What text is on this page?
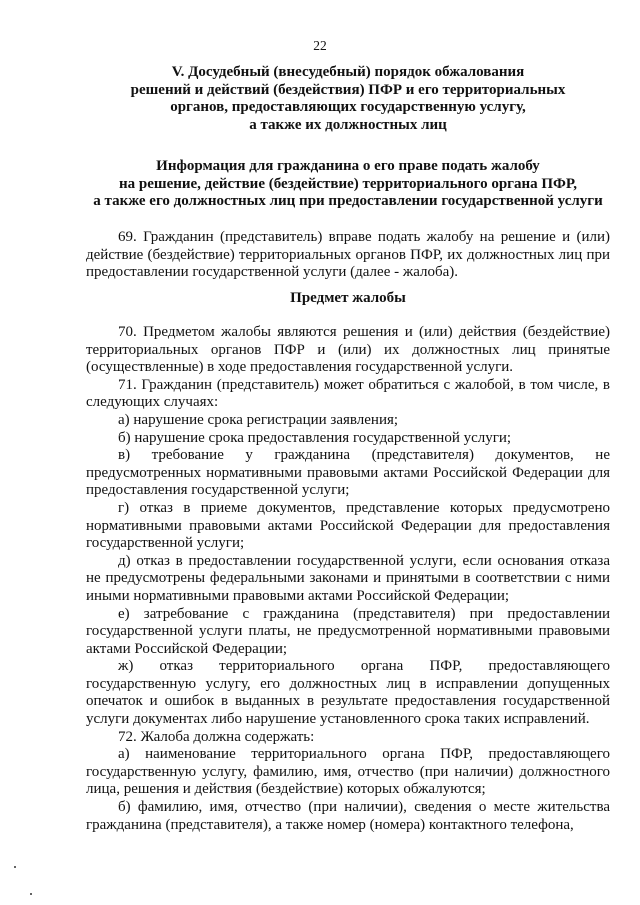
22
V. Досудебный (внесудебный) порядок обжалования
решений и действий (бездействия) ПФР и его территориальных
органов, предоставляющих государственную услугу,
а также их должностных лиц
Информация для гражданина о его праве подать жалобу
на решение, действие (бездействие) территориального органа ПФР,
а также его должностных лиц при предоставлении государственной услуги

69. Гражданин (представитель) вправе подать жалобу на решение и (или) действие (бездействие) территориальных органов ПФР, их должностных лиц при предоставлении государственной услуги (далее - жалоба).

Предмет жалобы

70. Предметом жалобы являются решения и (или) действия (бездействие) территориальных органов ПФР и (или) их должностных лиц принятые (осуществленные) в ходе предоставления государственной услуги.

71. Гражданин (представитель) может обратиться с жалобой, в том числе, в следующих случаях:

а) нарушение срока регистрации заявления;

б) нарушение срока предоставления государственной услуги;

в) требование у гражданина (представителя) документов, не предусмотренных нормативными правовыми актами Российской Федерации для предоставления государственной услуги;

г) отказ в приеме документов, представление которых предусмотрено нормативными правовыми актами Российской Федерации для предоставления государственной услуги;

д) отказ в предоставлении государственной услуги, если основания отказа не предусмотрены федеральными законами и принятыми в соответствии с ними иными нормативными правовыми актами Российской Федерации;

е) затребование с гражданина (представителя) при предоставлении государственной услуги платы, не предусмотренной нормативными правовыми актами Российской Федерации;

ж) отказ территориального органа ПФР, предоставляющего государственную услугу, его должностных лиц в исправлении допущенных опечаток и ошибок в выданных в результате предоставления государственной услуги документах либо нарушение установленного срока таких исправлений.

72. Жалоба должна содержать:

а) наименование территориального органа ПФР, предоставляющего государственную услугу, фамилию, имя, отчество (при наличии) должностного лица, решения и действия (бездействие) которых обжалуются;

б) фамилию, имя, отчество (при наличии), сведения о месте жительства гражданина (представителя), а также номер (номера) контактного телефона,
